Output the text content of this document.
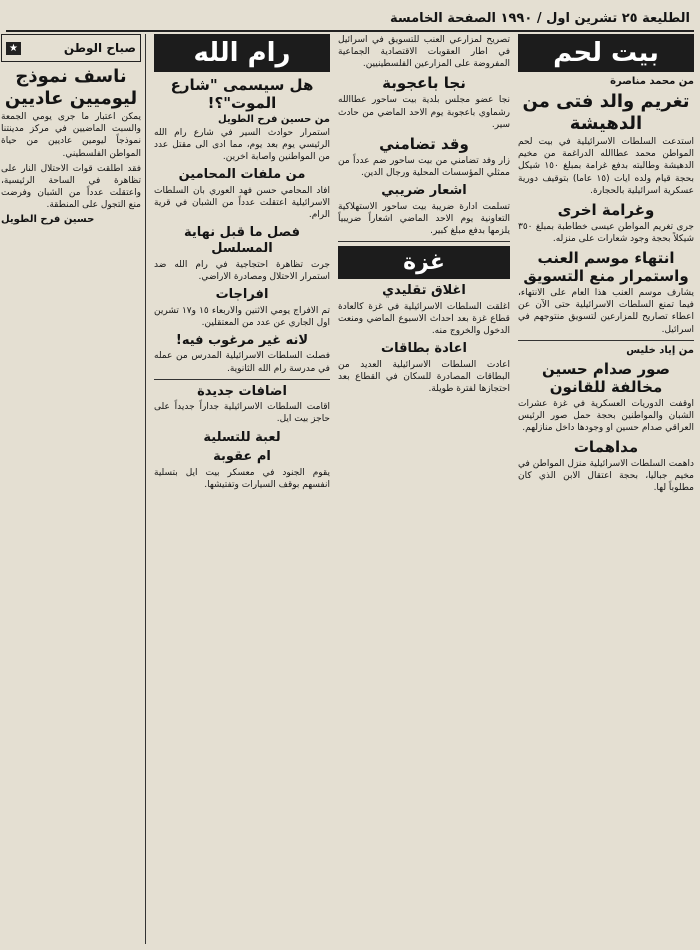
الطليعة ٢٥ تشرين اول / ١٩٩٠ الصفحة الخامسة
بيت لحم
من محمد مناصرة
تغريم والد فتى من الدهيشة

استدعت السلطات الاسرائيلية في بيت لحم المواطن محمد عطاالله الدراغمة من مخيم الدهيشة وطالبته بدفع غرامة بمبلغ ١٥٠ شيكل بحجة قيام ولده ايات (١٥ عاما) بتوقيف دورية عسكرية اسرائيلية بالحجارة.

وغرامة اخرى

جرى تغريم المواطن عيسى خطاطبة بمبلغ ٣٥٠ شيكلاً بحجة وجود شعارات على منزله.

انتهاء موسم العنب واستمرار منع التسويق

يشارف موسم العنب هذا العام على الانتهاء، فيما تمنع السلطات الاسرائيلية حتى الآن عن اعطاء تصاريح للمزارعين لتسويق منتوجهم في اسرائيل.

من إياد خليس
صور صدام حسين مخالفة للقانون

اوقفت الدوريات العسكرية في غزة عشرات الشبان والمواطنين بحجة حمل صور الرئيس العراقي صدام حسين او وجودها داخل منازلهم.

مداهمات

داهمت السلطات الاسرائيلية منزل المواطن في مخيم جباليا، بحجة اعتقال الابن الذي كان مطلوباً لها.

تصريح لمزارعي العنب للتسويق في اسرائيل في اطار العقوبات الاقتصادية الجماعية المفروضة على المزارعين الفلسطينيين.

نجا باعجوبة

نجا عضو مجلس بلدية بيت ساحور عطاالله رشماوي باعجوبة يوم الاحد الماضي من حادث سير.

وقد تضامني

زار وفد تضامني من بيت ساحور ضم عدداً من ممثلي المؤسسات المحلية ورجال الدين.

اشعار ضريبي

تسلمت ادارة ضريبة بيت ساحور الاستهلاكية التعاونية يوم الاحد الماضي اشعاراً ضريبياً يلزمها بدفع مبلغ كبير.

غزة
اغلاق تقليدي

اغلقت السلطات الاسرائيلية في غزة كالعادة قطاع غزة بعد احداث الاسبوع الماضي ومنعت الدخول والخروج منه.

اعادة بطاقات

اعادت السلطات الاسرائيلية العديد من البطاقات المصادرة للسكان في القطاع بعد احتجازها لفترة طويلة.

رام الله
هل سيسمى "شارع الموت"؟!
من حسين فرح الطويل

استمرار حوادث السير في شارع رام الله الرئيسي يوم بعد يوم، مما ادى الى مقتل عدد من المواطنين واصابة اخرين.

من ملفات المحامين

افاد المحامي حسن فهد العوري بان السلطات الاسرائيلية اعتقلت عدداً من الشبان في قرية الرام.

فصل ما قبل نهاية المسلسل

جرت تظاهرة احتجاجية في رام الله ضد استمرار الاحتلال ومصادرة الاراضي.

افراجات

تم الافراج يومي الاثنين والاربعاء ١٥ و١٧ تشرين اول الجاري عن عدد من المعتقلين.

لانه غير مرغوب فيه!

فصلت السلطات الاسرائيلية المدرس من عمله في مدرسة رام الله الثانوية.

اضافات جديدة

اقامت السلطات الاسرائيلية جداراً جديداً على حاجز بيت ايل.

لعبة للتسلية
ام عقوبة

يقوم الجنود في معسكر بيت ايل بتسلية انفسهم بوقف السيارات وتفتيشها.

صباح الوطن
★
ناسف نموذج ليوميين عاديين

يمكن اعتبار ما جرى يومي الجمعة والسبت الماضيين في مركز مدينتنا نموذجاً ليومين عاديين من حياة المواطن الفلسطيني.

فقد اطلقت قوات الاحتلال النار على تظاهرة في الساحة الرئيسية، واعتقلت عدداً من الشبان وفرضت منع التجول على المنطقة.

حسين فرح الطويل
